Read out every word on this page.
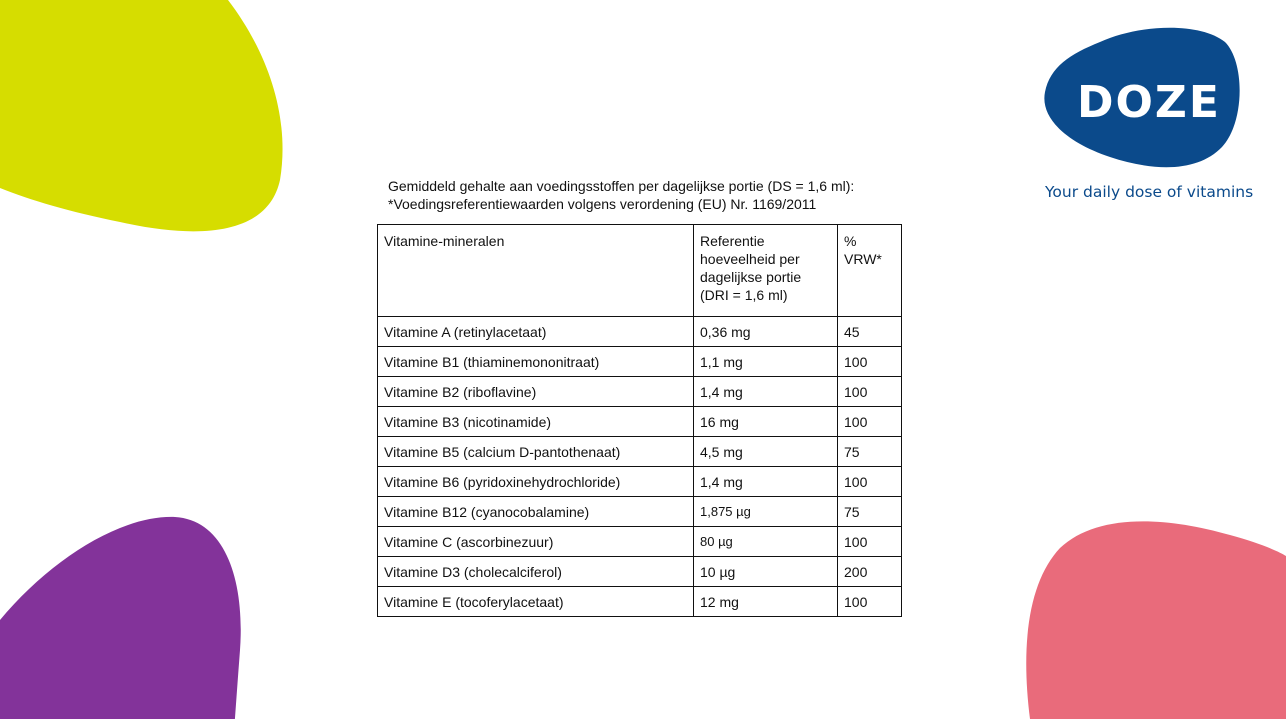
DOZE
Your daily dose of vitamins
Gemiddeld gehalte aan voedingsstoffen per dagelijkse portie (DS = 1,6 ml):
*Voedingsreferentiewaarden volgens verordening (EU) Nr. 1169/2011
Vitamine-mineralen	Referentie hoeveelheid per dagelijkse portie (DRI = 1,6 ml)	% VRW*
Vitamine A (retinylacetaat)	0,36 mg	45
Vitamine B1 (thiaminemononitraat)	1,1 mg	100
Vitamine B2 (riboflavine)	1,4 mg	100
Vitamine B3 (nicotinamide)	16 mg	100
Vitamine B5 (calcium D-pantothenaat)	4,5 mg	75
Vitamine B6 (pyridoxinehydrochloride)	1,4 mg	100
Vitamine B12 (cyanocobalamine)	1,875 µg	75
Vitamine C (ascorbinezuur)	80 µg	100
Vitamine D3 (cholecalciferol)	10 µg	200
Vitamine E (tocoferylacetaat)	12 mg	100
